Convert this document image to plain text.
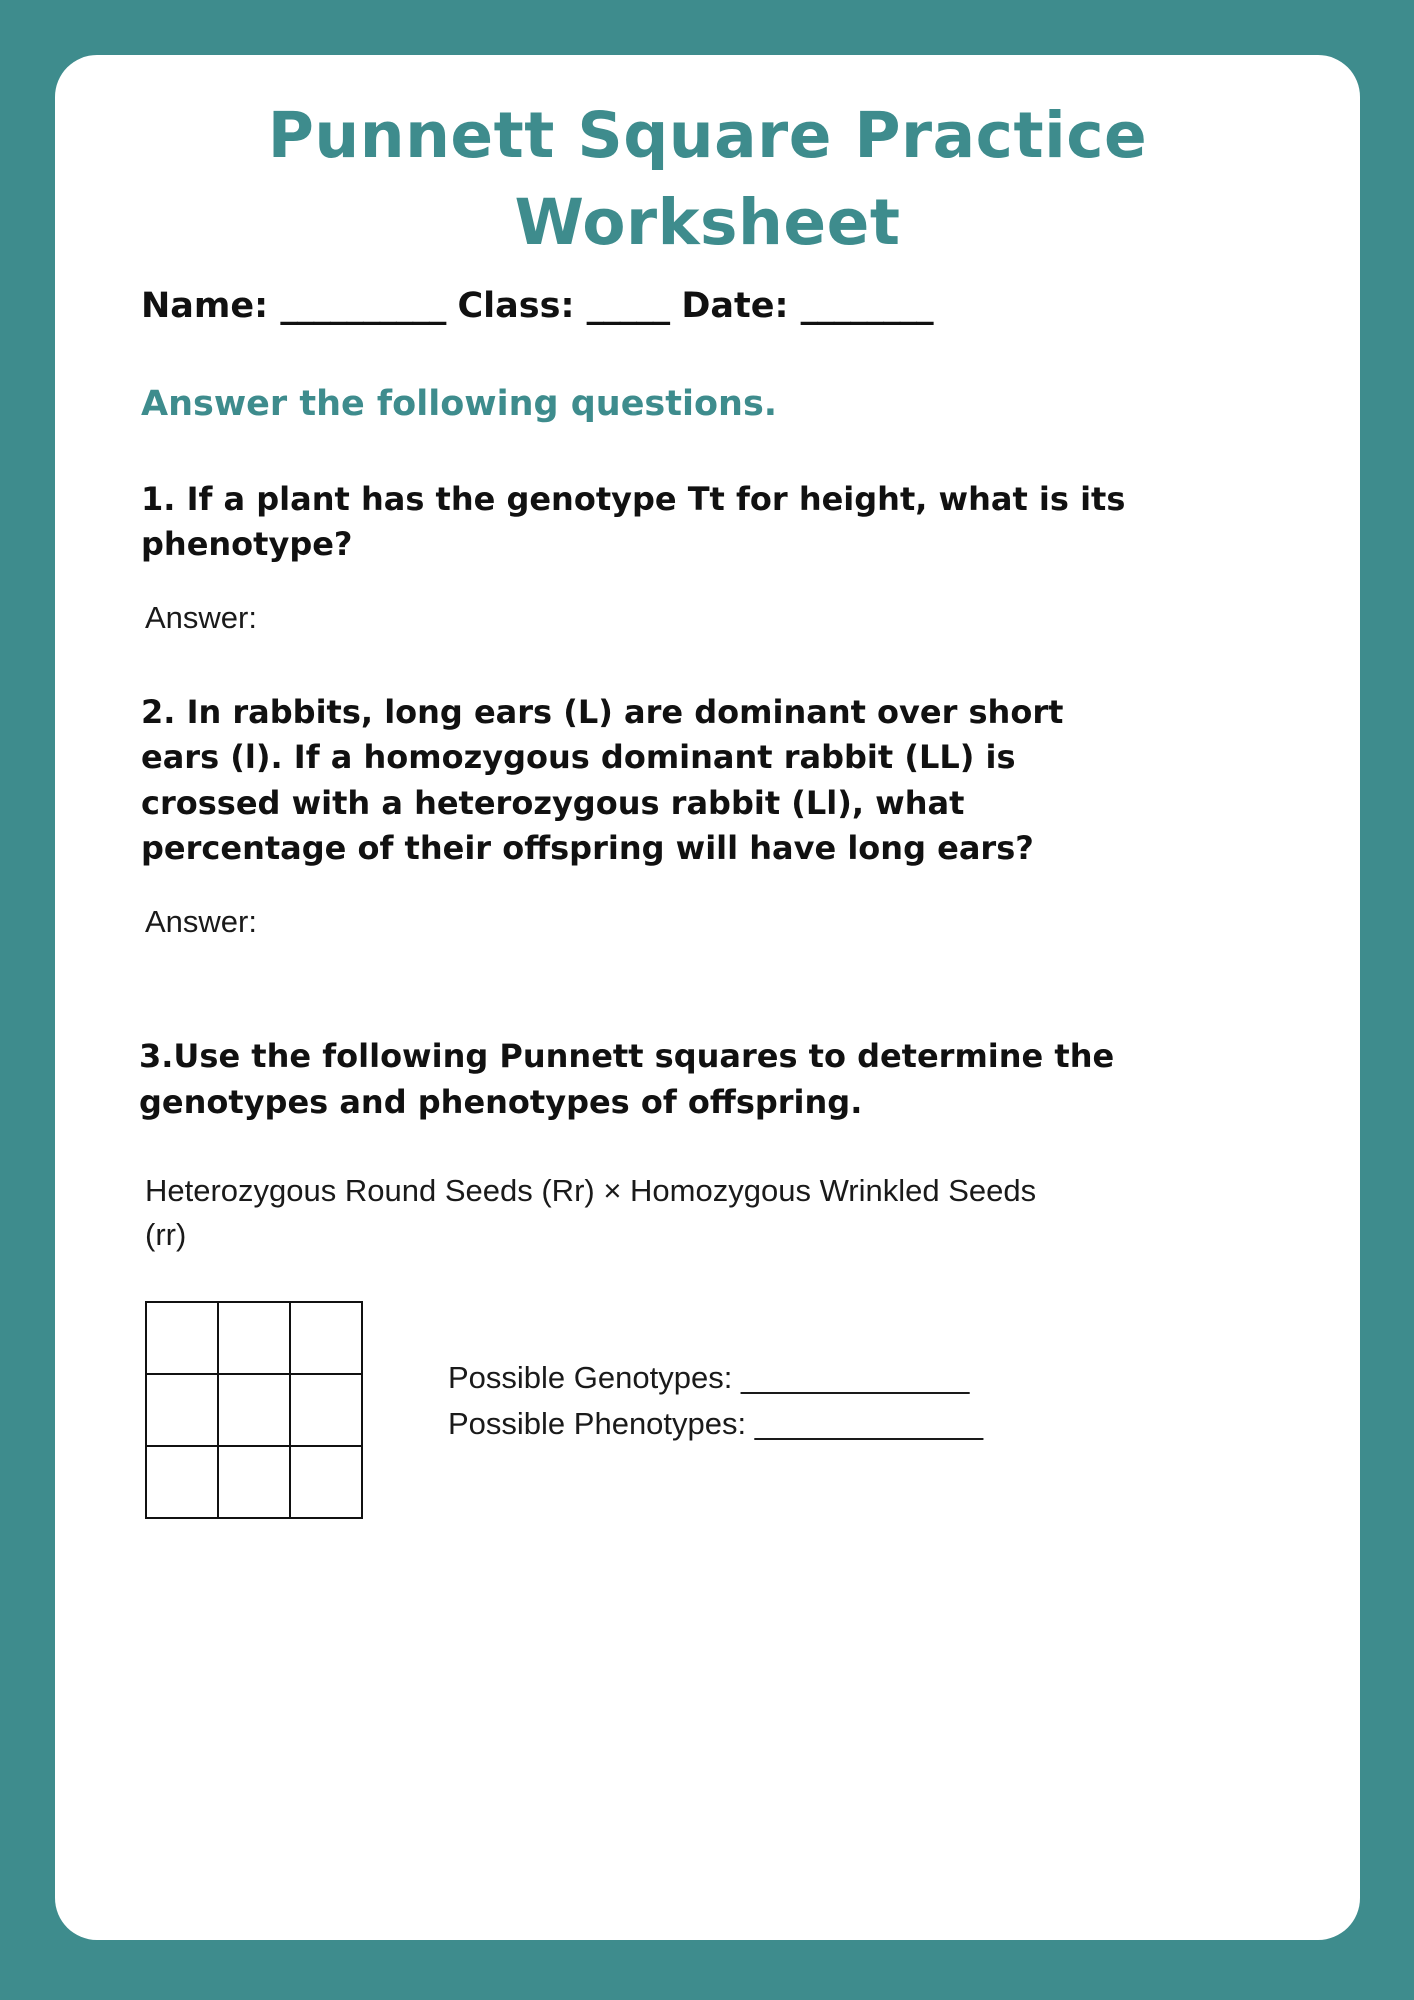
Punnett Square Practice
Worksheet
Name: __________ Class: _____ Date: ________
Answer the following questions.
1. If a plant has the genotype Tt for height, what is its phenotype?
Answer:
2. In rabbits, long ears (L) are dominant over short ears (l). If a homozygous dominant rabbit (LL) is crossed with a heterozygous rabbit (Ll), what percentage of their offspring will have long ears?
Answer:
3.Use the following Punnett squares to determine the genotypes and phenotypes of offspring.
Heterozygous Round Seeds (Rr) × Homozygous Wrinkled Seeds (rr)

Possible Genotypes: ______________
Possible Phenotypes: ______________
